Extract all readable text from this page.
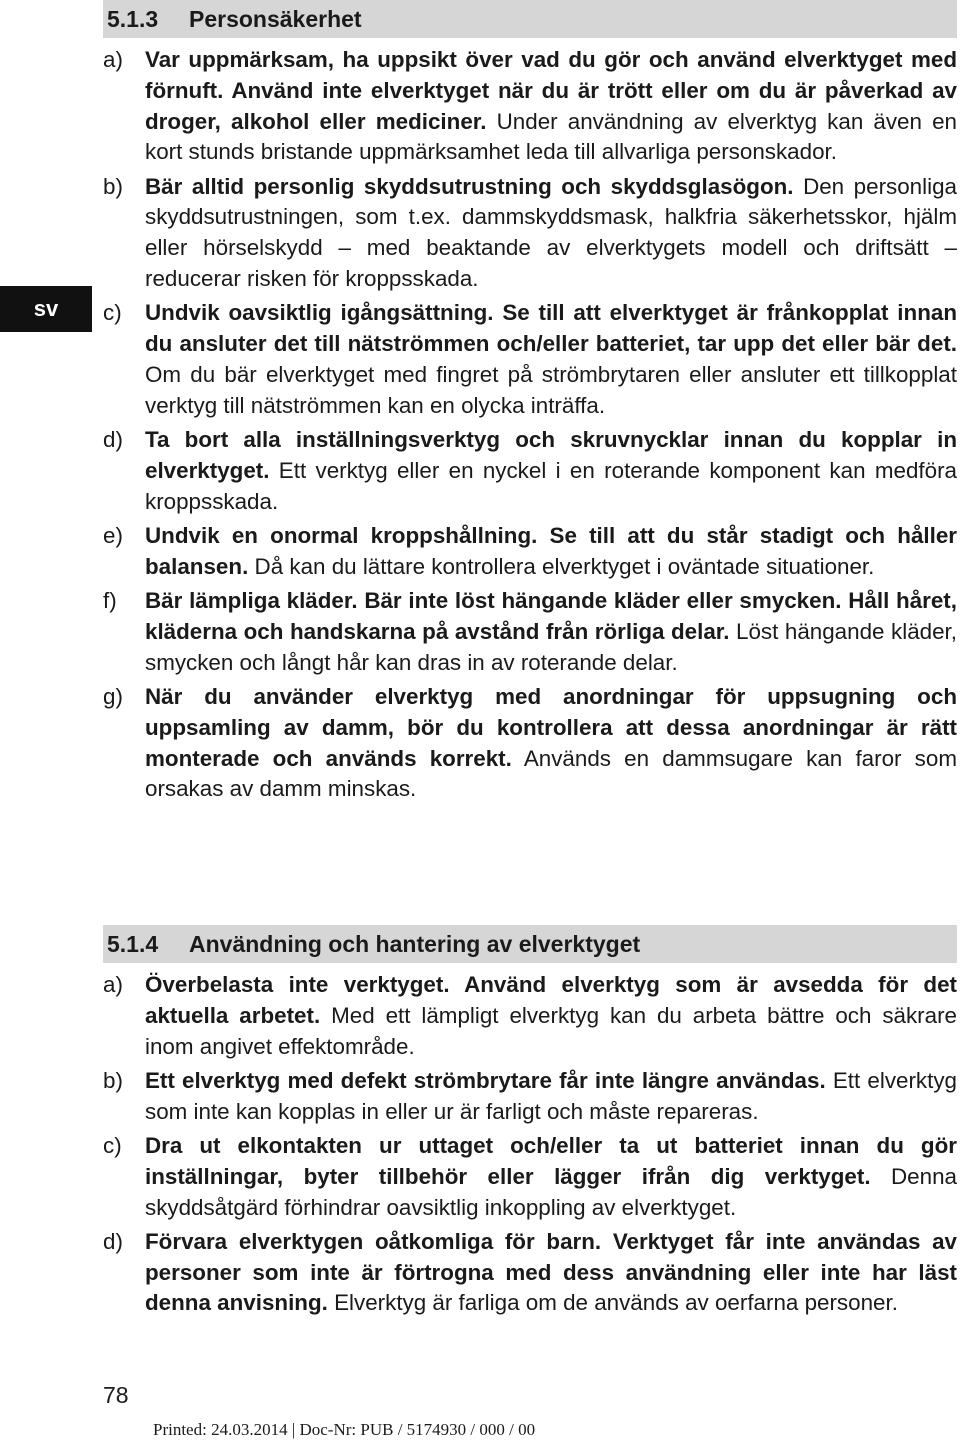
sv
5.1.3	Personsäkerhet
a) Var uppmärksam, ha uppsikt över vad du gör och använd elverktyget med förnuft. Använd inte elverktyget när du är trött eller om du är påverkad av droger, alkohol eller mediciner. Under användning av elverktyg kan även en kort stunds bristande uppmärksamhet leda till allvarliga personskador.
b) Bär alltid personlig skyddsutrustning och skyddsglasögon. Den personliga skyddsutrustningen, som t.ex. dammskyddsmask, halkfria säkerhetsskor, hjälm eller hörselskydd – med beaktande av elverktygets modell och driftsätt – reducerar risken för kroppsskada.
c)	Undvik oavsiktlig igångsättning. Se till att elverktyget är frånkopplat innan du ansluter det till nätströmmen och/eller batteriet, tar upp det eller bär det. Om du bär elverktyget med fingret på strömbrytaren eller ansluter ett tillkopplat verktyg till nätströmmen kan en olycka inträffa.
d) Ta bort alla inställningsverktyg och skruvnycklar innan du kopplar in elverktyget. Ett verktyg eller en nyckel i en roterande komponent kan medföra kroppsskada.
e) Undvik en onormal kroppshållning. Se till att du står stadigt och håller balansen. Då kan du lättare kontrollera elverktyget i oväntade situationer.
f)	Bär lämpliga kläder. Bär inte löst hängande kläder eller smycken. Håll håret, kläderna och handskarna på avstånd från rörliga delar. Löst hängande kläder, smycken och långt hår kan dras in av roterande delar.
g) När du använder elverktyg med anordningar för uppsugning och uppsamling av damm, bör du kontrollera att dessa anordningar är rätt monterade och används korrekt. Används en dammsugare kan faror som orsakas av damm minskas.
5.1.4	Användning och hantering av elverktyget
a) Överbelasta inte verktyget. Använd elverktyg som är avsedda för det aktuella arbetet. Med ett lämpligt elverktyg kan du arbeta bättre och säkrare inom angivet effektområde.
b) Ett elverktyg med defekt strömbrytare får inte längre användas. Ett elverktyg som inte kan kopplas in eller ur är farligt och måste repareras.
c)	Dra ut elkontakten ur uttaget och/eller ta ut batteriet innan du gör inställningar, byter tillbehör eller lägger ifrån dig verktyget. Denna skyddsåtgärd förhindrar oavsiktlig inkoppling av elverktyget.
d) Förvara elverktygen oåtkomliga för barn. Verktyget får inte användas av personer som inte är förtrogna med dess användning eller inte har läst denna anvisning. Elverktyg är farliga om de används av oerfarna personer.
78
Printed: 24.03.2014 | Doc-Nr: PUB / 5174930 / 000 / 00
